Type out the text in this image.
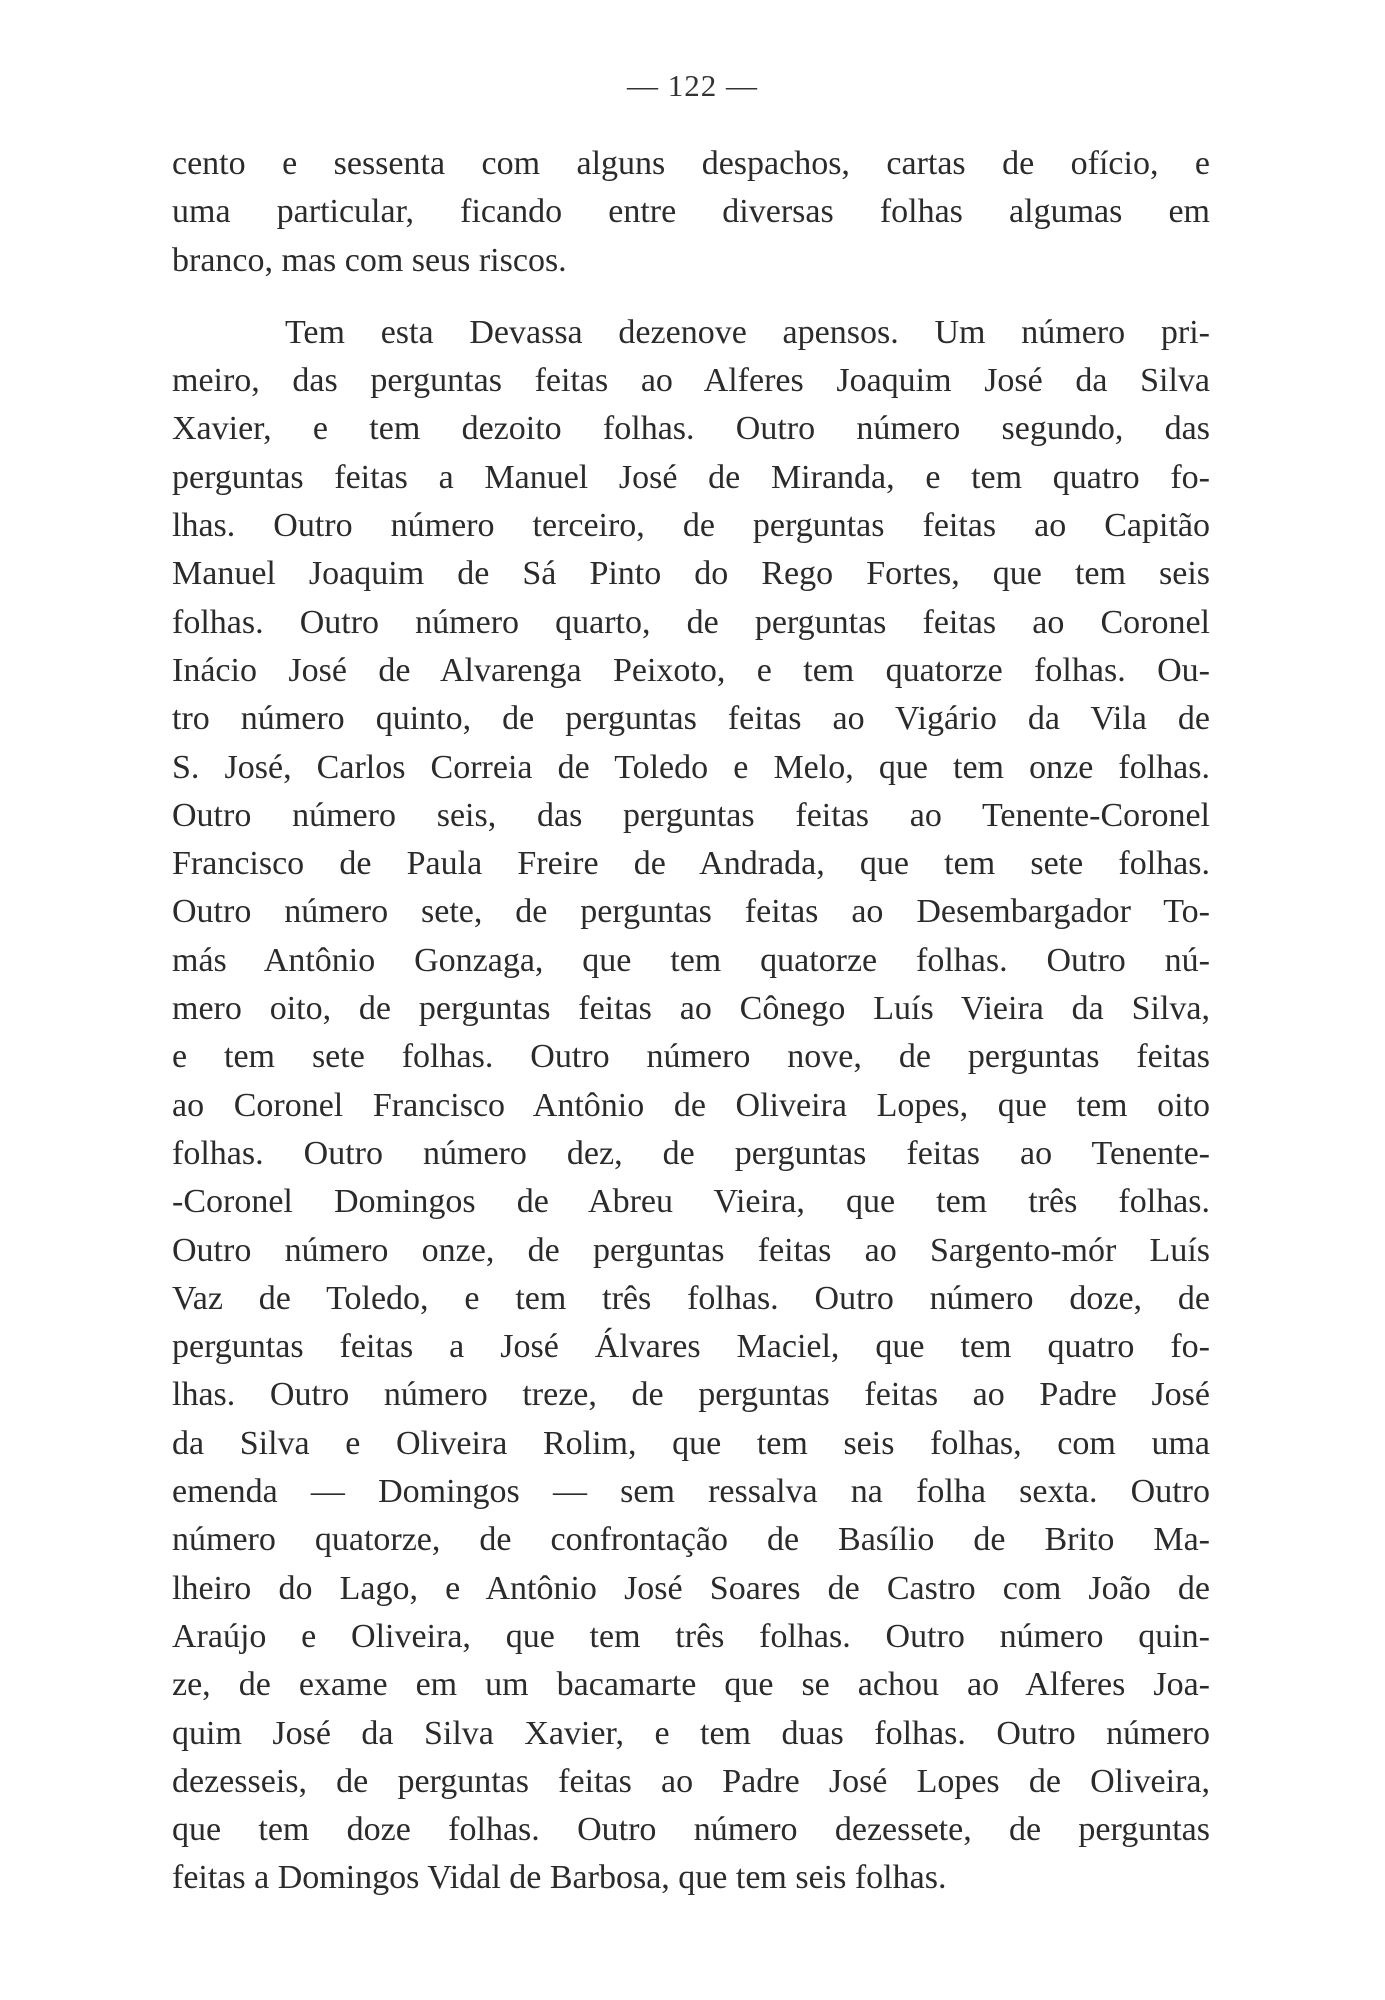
— 122 —
cento e sessenta com alguns despachos, cartas de ofício, e
uma particular, ficando entre diversas folhas algumas em
branco, mas com seus riscos.
Tem esta Devassa dezenove apensos. Um número pri-
meiro, das perguntas feitas ao Alferes Joaquim José da Silva
Xavier, e tem dezoito folhas. Outro número segundo, das
perguntas feitas a Manuel José de Miranda, e tem quatro fo-
lhas. Outro número terceiro, de perguntas feitas ao Capitão
Manuel Joaquim de Sá Pinto do Rego Fortes, que tem seis
folhas. Outro número quarto, de perguntas feitas ao Coronel
Inácio José de Alvarenga Peixoto, e tem quatorze folhas. Ou-
tro número quinto, de perguntas feitas ao Vigário da Vila de
S. José, Carlos Correia de Toledo e Melo, que tem onze folhas.
Outro número seis, das perguntas feitas ao Tenente-Coronel
Francisco de Paula Freire de Andrada, que tem sete folhas.
Outro número sete, de perguntas feitas ao Desembargador To-
más Antônio Gonzaga, que tem quatorze folhas. Outro nú-
mero oito, de perguntas feitas ao Cônego Luís Vieira da Silva,
e tem sete folhas. Outro número nove, de perguntas feitas
ao Coronel Francisco Antônio de Oliveira Lopes, que tem oito
folhas. Outro número dez, de perguntas feitas ao Tenente-
-Coronel Domingos de Abreu Vieira, que tem três folhas.
Outro número onze, de perguntas feitas ao Sargento-mór Luís
Vaz de Toledo, e tem três folhas. Outro número doze, de
perguntas feitas a José Álvares Maciel, que tem quatro fo-
lhas. Outro número treze, de perguntas feitas ao Padre José
da Silva e Oliveira Rolim, que tem seis folhas, com uma
emenda — Domingos — sem ressalva na folha sexta. Outro
número quatorze, de confrontação de Basílio de Brito Ma-
lheiro do Lago, e Antônio José Soares de Castro com João de
Araújo e Oliveira, que tem três folhas. Outro número quin-
ze, de exame em um bacamarte que se achou ao Alferes Joa-
quim José da Silva Xavier, e tem duas folhas. Outro número
dezesseis, de perguntas feitas ao Padre José Lopes de Oliveira,
que tem doze folhas. Outro número dezessete, de perguntas
feitas a Domingos Vidal de Barbosa, que tem seis folhas.
